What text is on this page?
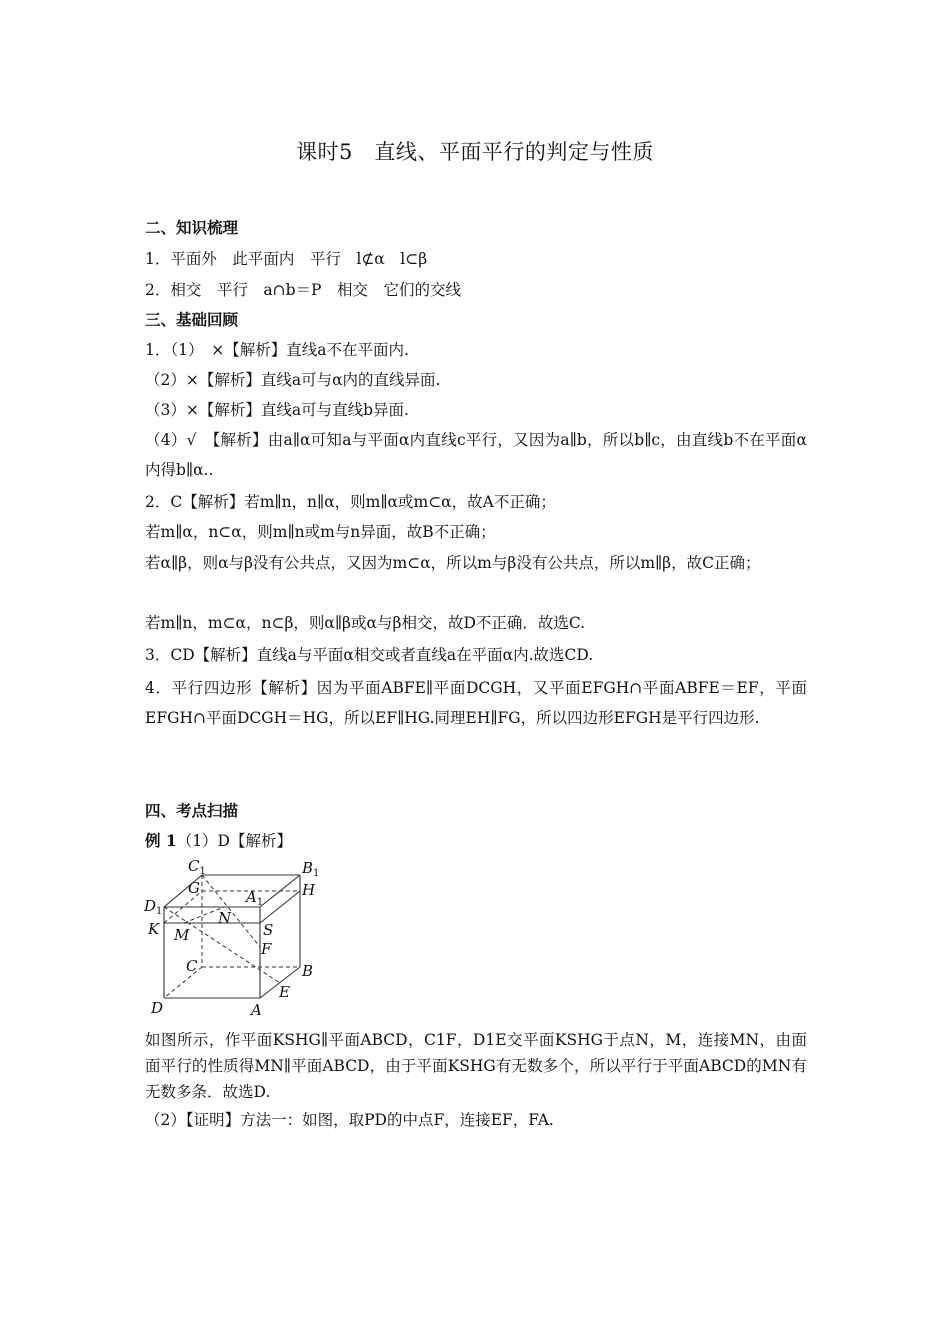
课时5　直线、平面平行的判定与性质
二、知识梳理
1．平面外　此平面内　平行　l⊄α　l⊂β
2．相交　平行　a∩b＝P　相交　它们的交线
三、基础回顾
1．（1）　×【解析】直线a不在平面内.
（2）×【解析】直线a可与α内的直线异面.
（3）×【解析】直线a可与直线b异面.
（4）√　【解析】由a∥α可知a与平面α内直线c平行，又因为a∥b，所以b∥c，由直线b不在平面α内得b∥α..
2．C【解析】若m∥n，n∥α，则m∥α或m⊂α，故A不正确；
若m∥α，n⊂α，则m∥n或m与n异面，故B不正确；
若α∥β，则α与β没有公共点，又因为m⊂α，所以m与β没有公共点，所以m∥β，故C正确；
若m∥n，m⊂α，n⊂β，则α∥β或α与β相交，故D不正确．故选C.
3．CD【解析】直线a与平面α相交或者直线a在平面α内.故选CD.
4．平行四边形【解析】因为平面ABFE∥平面DCGH，又平面EFGH∩平面ABFE＝EF，平面EFGH∩平面DCGH＝HG，所以EF∥HG.同理EH∥FG，所以四边形EFGH是平行四边形.
四、考点扫描
例 1（1）D【解析】
$C_1$	$B_1$
G	H
$A_1$
$D_1$	N
K M	S
F
C	B
E
D	A
如图所示，作平面KSHG∥平面ABCD，C1F，D1E交平面KSHG于点N，M，连接MN，由面面平行的性质得MN∥平面ABCD，由于平面KSHG有无数多个，所以平行于平面ABCD的MN有无数多条．故选D.
（2）【证明】方法一：如图，取PD的中点F，连接EF，FA.
